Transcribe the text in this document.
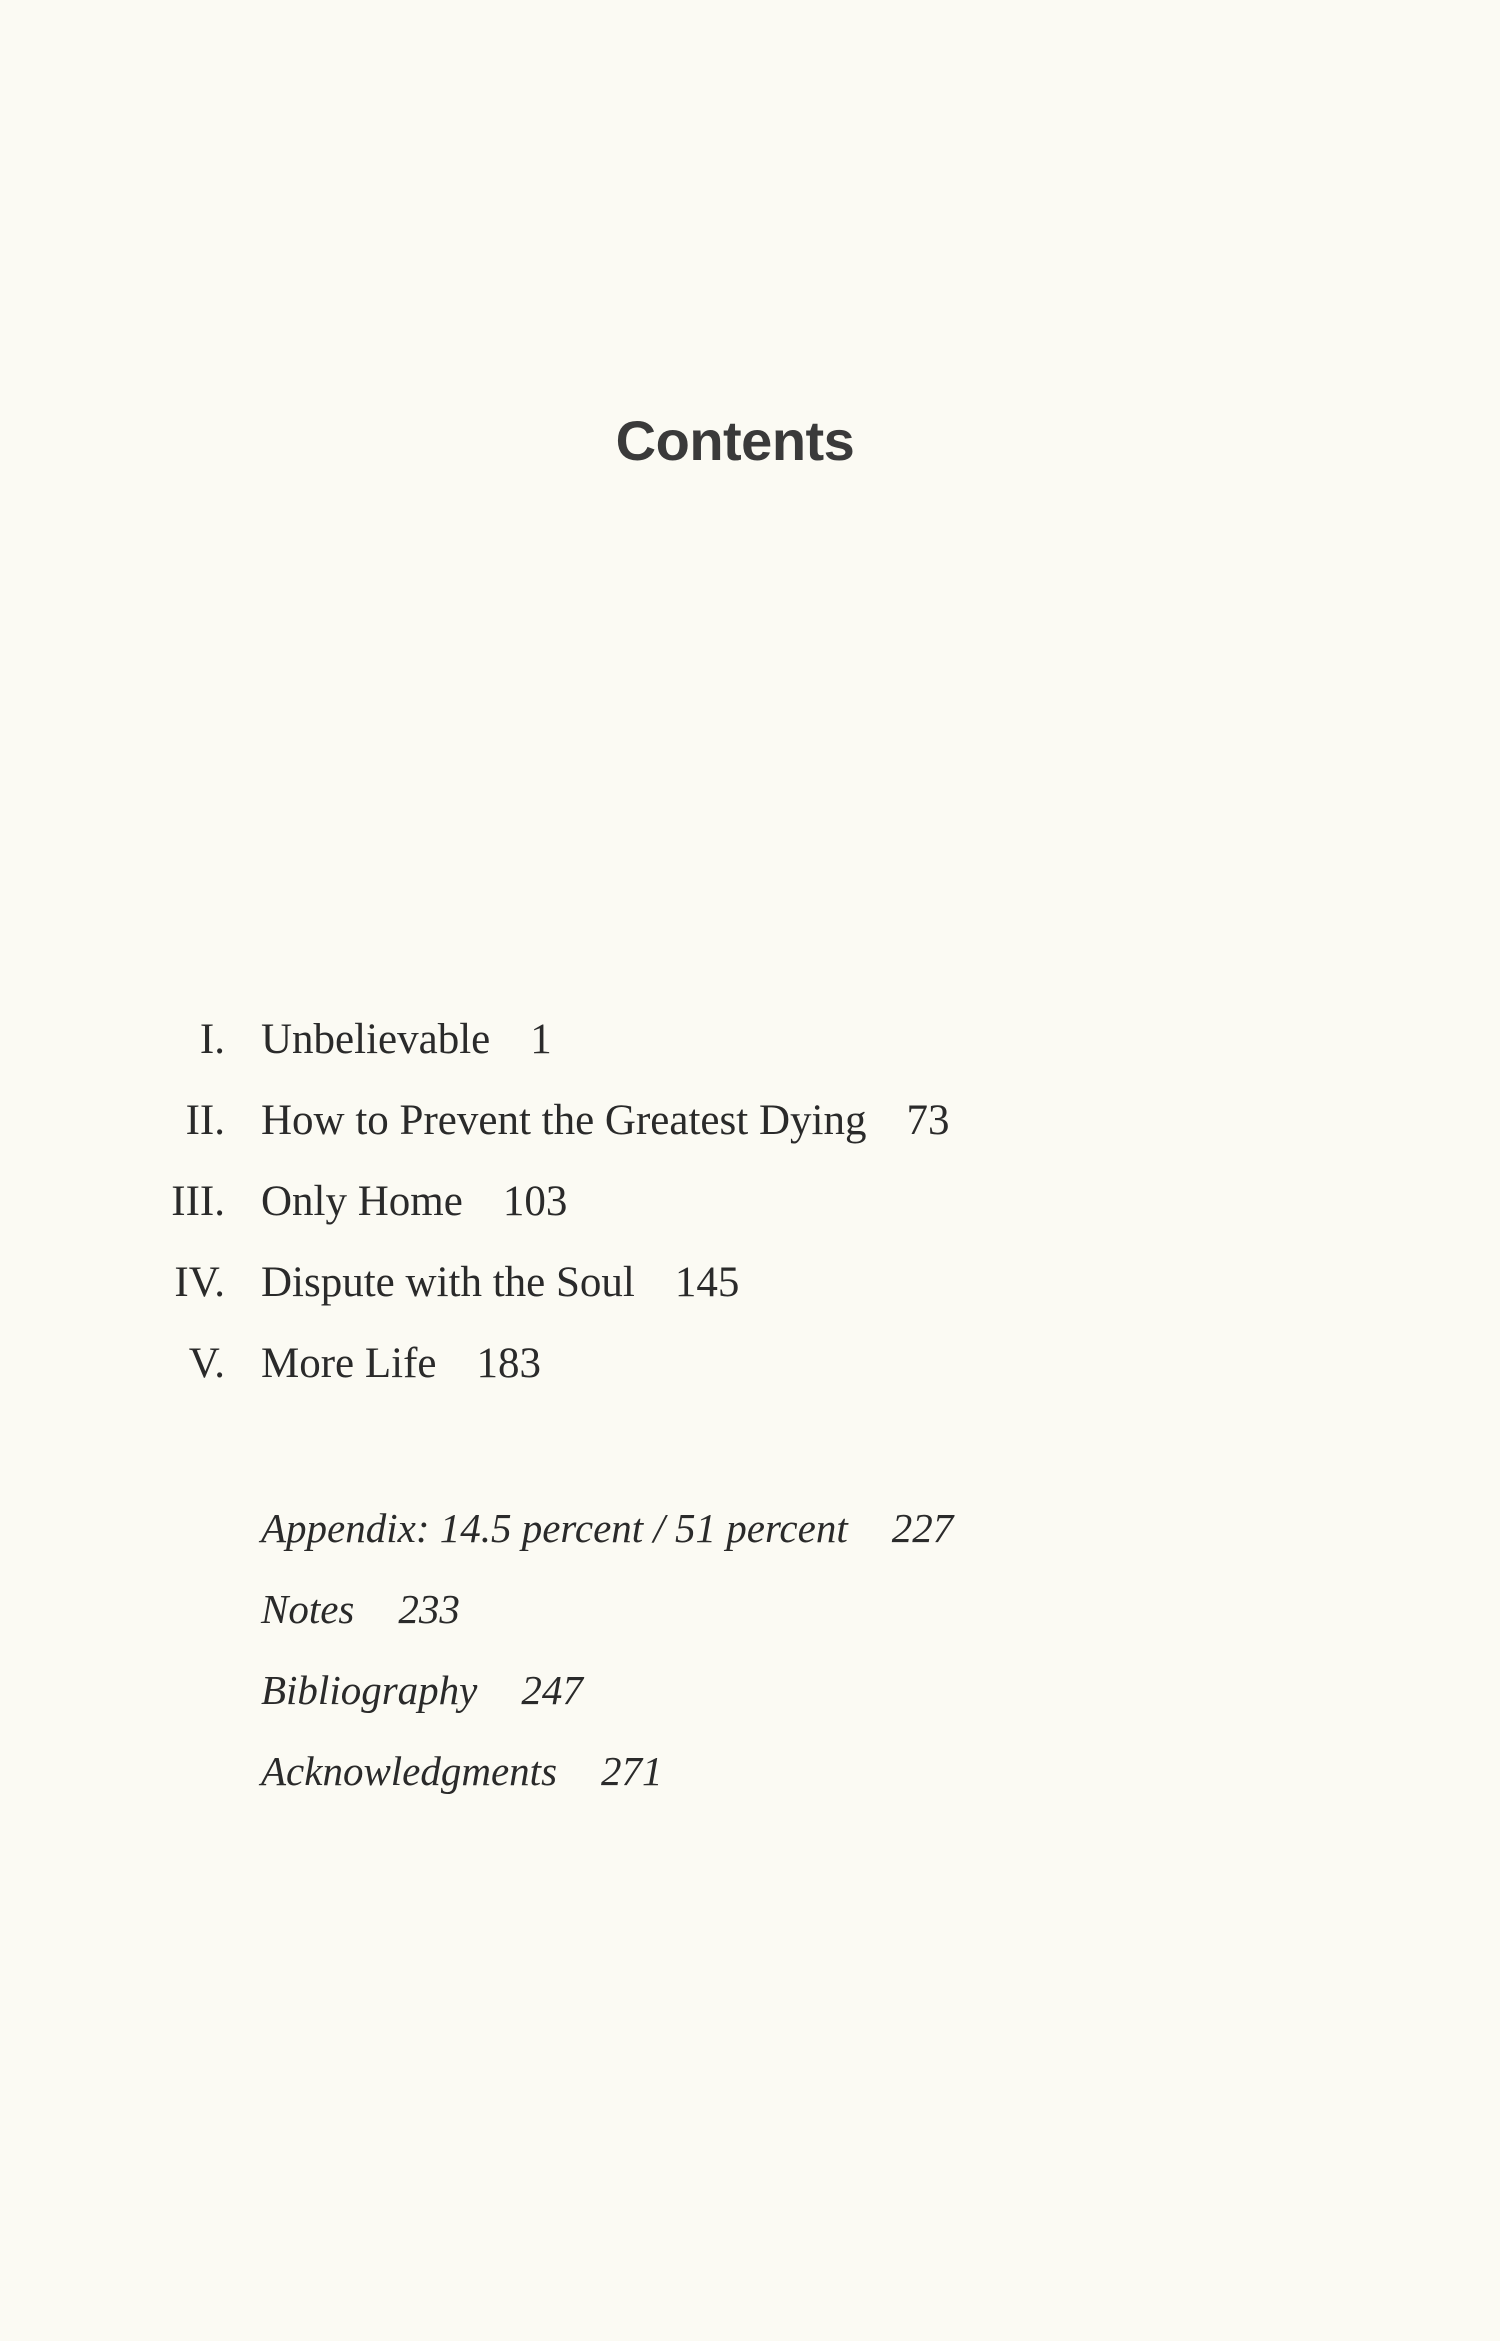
Contents
I. Unbelievable 1
II. How to Prevent the Greatest Dying 73
III. Only Home 103
IV. Dispute with the Soul 145
V. More Life 183
Appendix: 14.5 percent / 51 percent 227
Notes 233
Bibliography 247
Acknowledgments 271
